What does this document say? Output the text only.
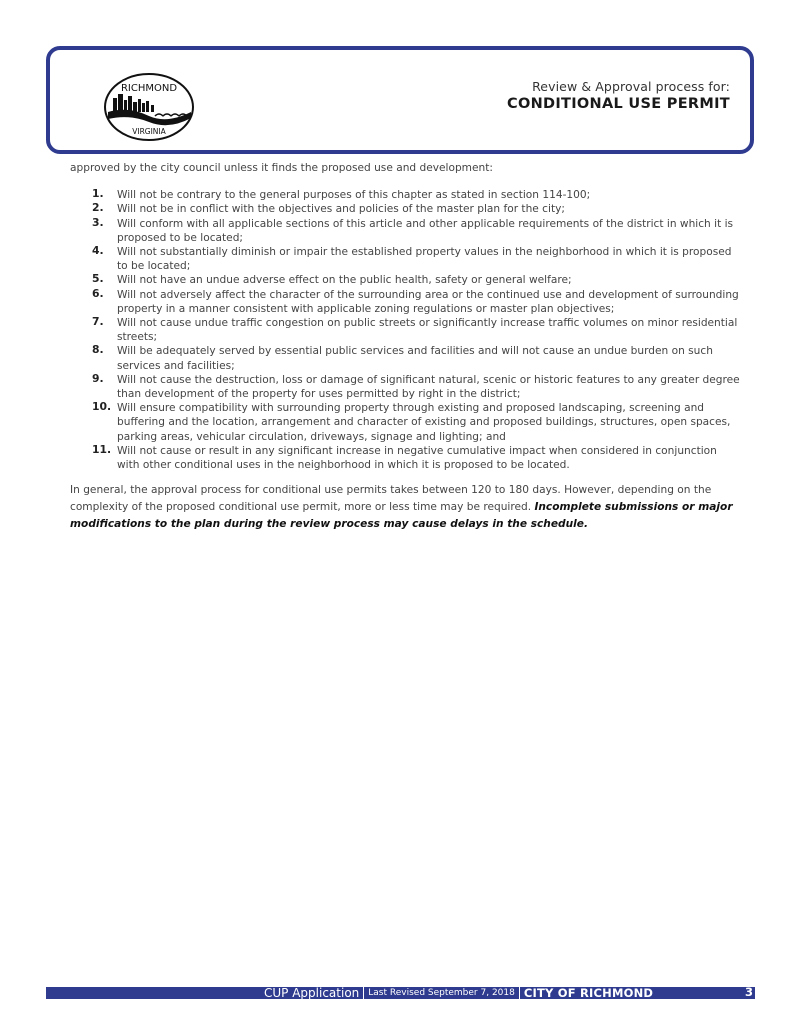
RICHMOND
VIRGINIA
Review & Approval process for:
CONDITIONAL USE PERMIT

approved by the city council unless it finds the proposed use and development:

1.	Will not be contrary to the general purposes of this chapter as stated in section 114-100;
2.	Will not be in conflict with the objectives and policies of the master plan for the city;
3.	Will conform with all applicable sections of this article and other applicable requirements of the district in which it is proposed to be located;
4.	Will not substantially diminish or impair the established property values in the neighborhood in which it is proposed to be located;
5.	Will not have an undue adverse effect on the public health, safety or general welfare;
6.	Will not adversely affect the character of the surrounding area or the continued use and development of surrounding property in a manner consistent with applicable zoning regulations or master plan objectives;
7.	Will not cause undue traffic congestion on public streets or significantly increase traffic volumes on minor residential streets;
8.	Will be adequately served by essential public services and facilities and will not cause an undue burden on such services and facilities;
9.	Will not cause the destruction, loss or damage of significant natural, scenic or historic features to any greater degree than development of the property for uses permitted by right in the district;
10. Will ensure compatibility with surrounding property through existing and proposed landscaping, screening and buffering and the location, arrangement and character of existing and proposed buildings, structures, open spaces, parking areas, vehicular circulation, driveways, signage and lighting; and
11. Will not cause or result in any significant increase in negative cumulative impact when considered in conjunction with other conditional uses in the neighborhood in which it is proposed to be located.

In general, the approval process for conditional use permits takes between 120 to 180 days. However, depending on the complexity of the proposed conditional use permit, more or less time may be required. Incomplete submissions or major modifications to the plan during the review process may cause delays in the schedule.

CUP Application Last Revised September 7, 2018 CITY OF RICHMOND	3
